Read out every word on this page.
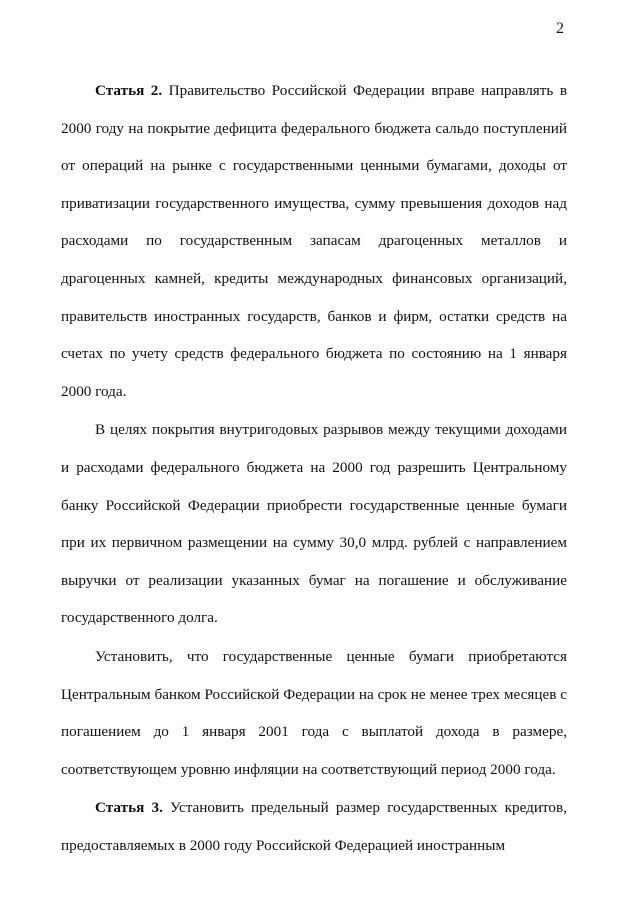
2

Статья 2. Правительство Российской Федерации вправе направлять в 2000 году на покрытие дефицита федерального бюджета сальдо поступлений от операций на рынке с государственными ценными бумагами, доходы от приватизации государственного имущества, сумму превышения доходов над расходами по государственным запасам драгоценных металлов и драгоценных камней, кредиты международных финансовых организаций, правительств иностранных государств, банков и фирм, остатки средств на счетах по учету средств федерального бюджета по состоянию на 1 января 2000 года.

В целях покрытия внутригодовых разрывов между текущими доходами и расходами федерального бюджета на 2000 год разрешить Центральному банку Российской Федерации приобрести государственные ценные бумаги при их первичном размещении на сумму 30,0 млрд. рублей с направлением выручки от реализации указанных бумаг на погашение и обслуживание государственного долга.

Установить, что государственные ценные бумаги приобретаются Центральным банком Российской Федерации на срок не менее трех месяцев с погашением до 1 января 2001 года с выплатой дохода в размере, соответствующем уровню инфляции на соответствующий период 2000 года.

Статья 3. Установить предельный размер государственных кредитов, предоставляемых в 2000 году Российской Федерацией иностранным
